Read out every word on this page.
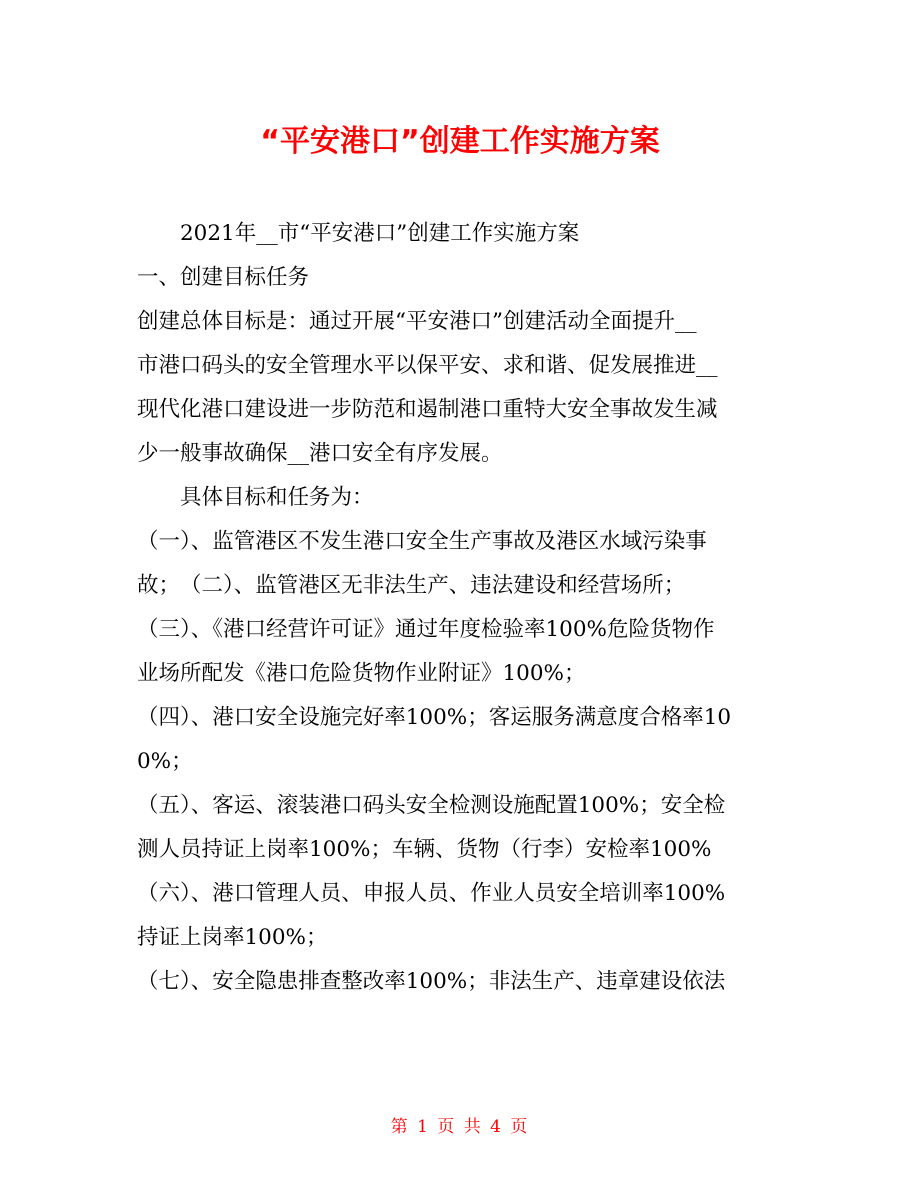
“平安港口”创建工作实施方案
2021年__市“平安港口”创建工作实施方案
一、创建目标任务
创建总体目标是：通过开展“平安港口”创建活动全面提升__
市港口码头的安全管理水平以保平安、求和谐、促发展推进__
现代化港口建设进一步防范和遏制港口重特大安全事故发生减
少一般事故确保__港口安全有序发展。
具体目标和任务为：
（一）、监管港区不发生港口安全生产事故及港区水域污染事
故；　（二）、监管港区无非法生产、违法建设和经营场所；
（三）、《港口经营许可证》通过年度检验率100%危险货物作
业场所配发《港口危险货物作业附证》100%；
（四）、港口安全设施完好率100%；客运服务满意度合格率10
0%；
（五）、客运、滚装港口码头安全检测设施配置100%；安全检
测人员持证上岗率100%；车辆、货物（行李）安检率100%
（六）、港口管理人员、申报人员、作业人员安全培训率100%
持证上岗率100%；
（七）、安全隐患排查整改率100%；非法生产、违章建设依法
第 1 页 共 4 页
